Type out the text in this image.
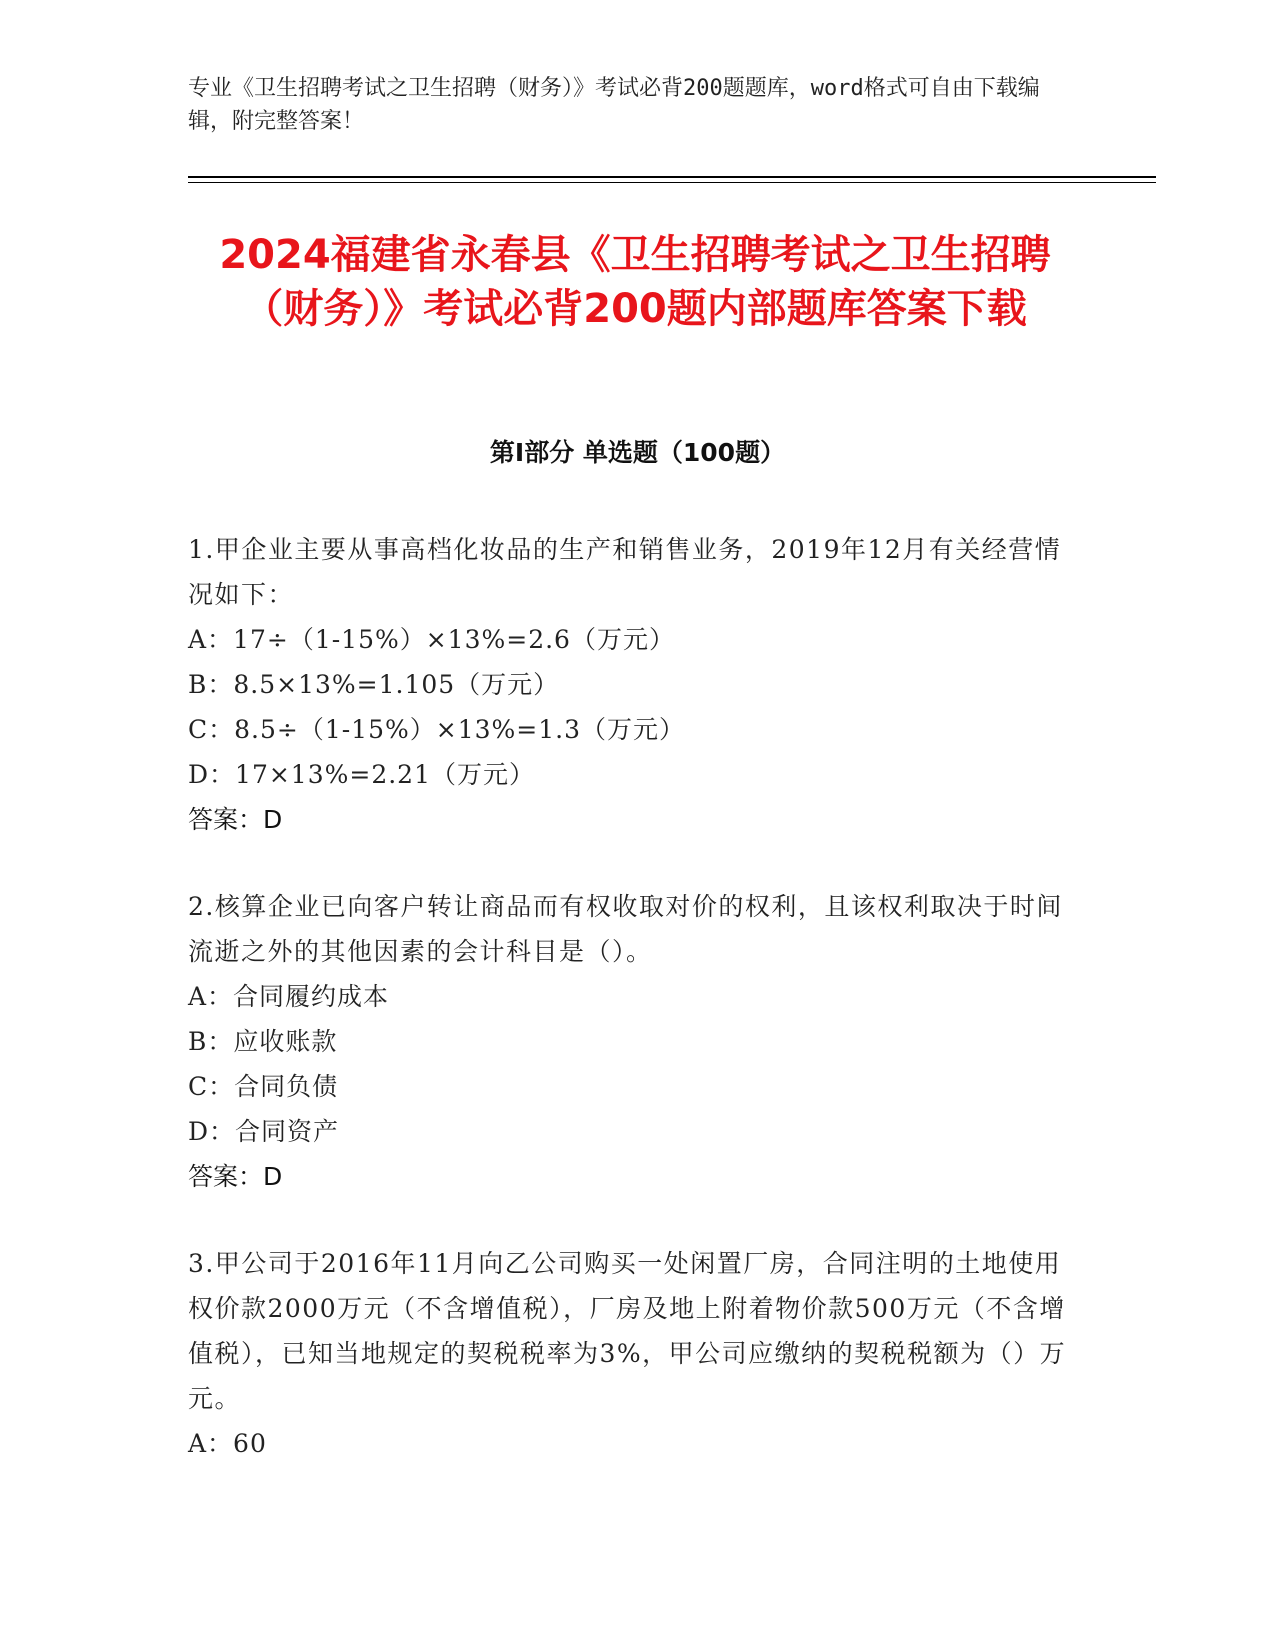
专业《卫生招聘考试之卫生招聘（财务）》考试必背200题题库，word格式可自由下载编辑，附完整答案！
2024福建省永春县《卫生招聘考试之卫生招聘（财务）》考试必背200题内部题库答案下载
第Ⅰ部分 单选题（100题）
1.甲企业主要从事高档化妆品的生产和销售业务，2019年12月有关经营情况如下：
A：17÷（1-15%）×13%=2.6（万元）
B：8.5×13%=1.105（万元）
C：8.5÷（1-15%）×13%=1.3（万元）
D：17×13%=2.21（万元）
答案：D
2.核算企业已向客户转让商品而有权收取对价的权利，且该权利取决于时间流逝之外的其他因素的会计科目是（）。
A：合同履约成本
B：应收账款
C：合同负债
D：合同资产
答案：D
3.甲公司于2016年11月向乙公司购买一处闲置厂房，合同注明的土地使用权价款2000万元（不含增值税），厂房及地上附着物价款500万元（不含增值税），已知当地规定的契税税率为3%，甲公司应缴纳的契税税额为（）万元。
A：60
